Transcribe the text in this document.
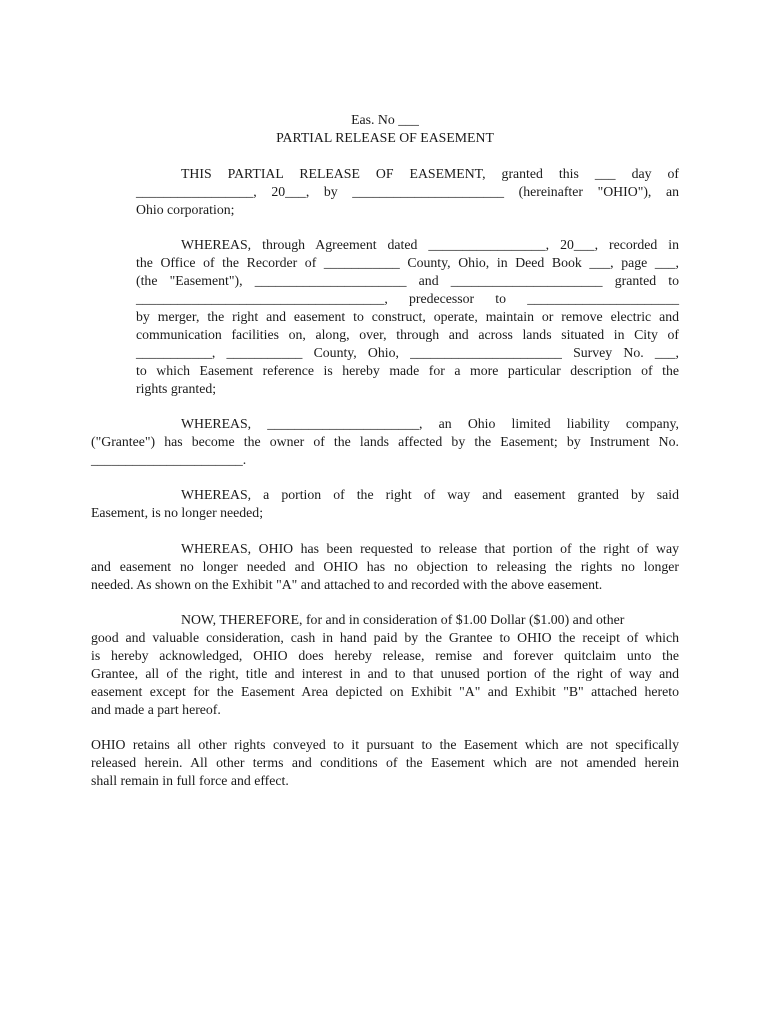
Eas. No ___

PARTIAL RELEASE OF EASEMENT

THIS PARTIAL RELEASE OF EASEMENT, granted this ___ day of

_________________, 20___, by ______________________ (hereinafter "OHIO"), an

Ohio corporation;

WHEREAS, through Agreement dated _________________, 20___, recorded in

the Office of the Recorder of ___________ County, Ohio, in Deed Book ___, page ___,

(the "Easement"), ______________________ and ______________________ granted to

____________________________________, predecessor to ______________________

by merger, the right and easement to construct, operate, maintain or remove electric and

communication facilities on, along, over, through and across lands situated in City of

___________, ___________ County, Ohio, ______________________ Survey No. ___,

to which Easement reference is hereby made for a more particular description of the

rights granted;

WHEREAS, ______________________, an Ohio limited liability company,

("Grantee") has become the owner of the lands affected by the Easement; by Instrument No.

______________________.

WHEREAS, a portion of the right of way and easement granted by said

Easement, is no longer needed;

WHEREAS, OHIO has been requested to release that portion of the right of way

and easement no longer needed and OHIO has no objection to releasing the rights no longer

needed. As shown on the Exhibit "A" and attached to and recorded with the above easement.

NOW, THEREFORE, for and in consideration of $1.00 Dollar ($1.00) and other

good and valuable consideration, cash in hand paid by the Grantee to OHIO the receipt of which

is hereby acknowledged, OHIO does hereby release, remise and forever quitclaim unto the

Grantee, all of the right, title and interest in and to that unused portion of the right of way and

easement except for the Easement Area depicted on Exhibit "A" and Exhibit "B" attached hereto

and made a part hereof.

OHIO retains all other rights conveyed to it pursuant to the Easement which are not specifically

released herein. All other terms and conditions of the Easement which are not amended herein

shall remain in full force and effect.
